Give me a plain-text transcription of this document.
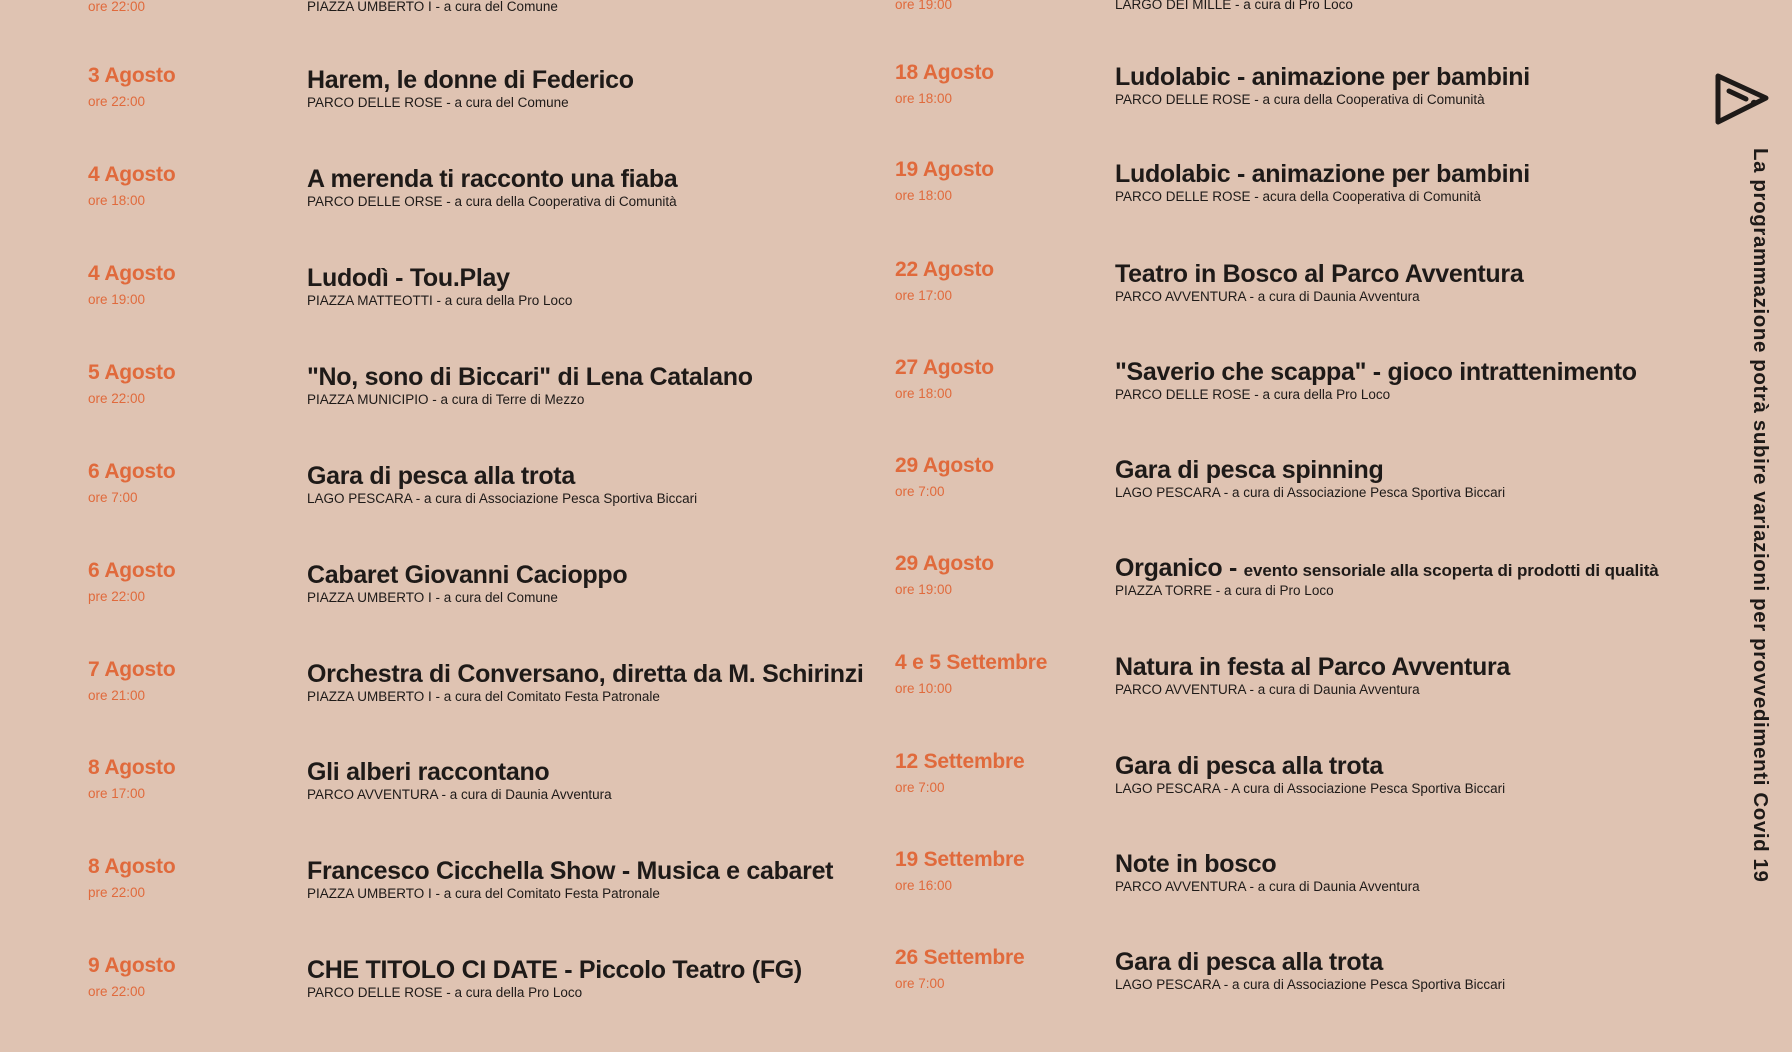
ore 22:00	PIAZZA UMBERTO I - a cura del Comune
3 Agosto
ore 22:00
Harem, le donne di Federico
PARCO DELLE ROSE - a cura del Comune
4 Agosto
ore 18:00
A merenda ti racconto una fiaba
PARCO DELLE ORSE - a cura della Cooperativa di Comunità
4 Agosto
ore 19:00
Ludodì - Tou.Play
PIAZZA MATTEOTTI - a cura della Pro Loco
5 Agosto
ore 22:00
"No, sono di Biccari" di Lena Catalano
PIAZZA MUNICIPIO - a cura di Terre di Mezzo
6 Agosto
ore 7:00
Gara di pesca alla trota
LAGO PESCARA - a cura di Associazione Pesca Sportiva Biccari
6 Agosto
pre 22:00
Cabaret Giovanni Cacioppo
PIAZZA UMBERTO I - a cura del Comune
7 Agosto
ore 21:00
Orchestra di Conversano, diretta da M. Schirinzi
PIAZZA UMBERTO I - a cura del Comitato Festa Patronale
8 Agosto
ore 17:00
Gli alberi raccontano
PARCO AVVENTURA - a cura di Daunia Avventura
8 Agosto
pre 22:00
Francesco Cicchella Show - Musica e cabaret
PIAZZA UMBERTO I - a cura del Comitato Festa Patronale
9 Agosto
ore 22:00
CHE TITOLO CI DATE - Piccolo Teatro (FG)
PARCO DELLE ROSE - a cura della Pro Loco
ore 19:00	LARGO DEI MILLE - a cura di Pro Loco
18 Agosto
ore 18:00
Ludolabic - animazione per bambini
PARCO DELLE ROSE - a cura della Cooperativa di Comunità
19 Agosto
ore 18:00
Ludolabic - animazione per bambini
PARCO DELLE ROSE - acura della Cooperativa di Comunità
22 Agosto
ore 17:00
Teatro in Bosco al Parco Avventura
PARCO AVVENTURA - a cura di Daunia Avventura
27 Agosto
ore 18:00
"Saverio che scappa" - gioco intrattenimento
PARCO DELLE ROSE - a cura della Pro Loco
29 Agosto
ore 7:00
Gara di pesca spinning
LAGO PESCARA - a cura di Associazione Pesca Sportiva Biccari
29 Agosto
ore 19:00
Organico - evento sensoriale alla scoperta di prodotti di qualità
PIAZZA TORRE - a cura di Pro Loco
4 e 5 Settembre
ore 10:00
Natura in festa al Parco Avventura
PARCO AVVENTURA - a cura di Daunia Avventura
12 Settembre
ore 7:00
Gara di pesca alla trota
LAGO PESCARA - A cura di Associazione Pesca Sportiva Biccari
19 Settembre
ore 16:00
Note in bosco
PARCO AVVENTURA - a cura di Daunia Avventura
26 Settembre
ore 7:00
Gara di pesca alla trota
LAGO PESCARA - a cura di Associazione Pesca Sportiva Biccari
La programmazione potrà subire variazioni per provvedimenti Covid 19
